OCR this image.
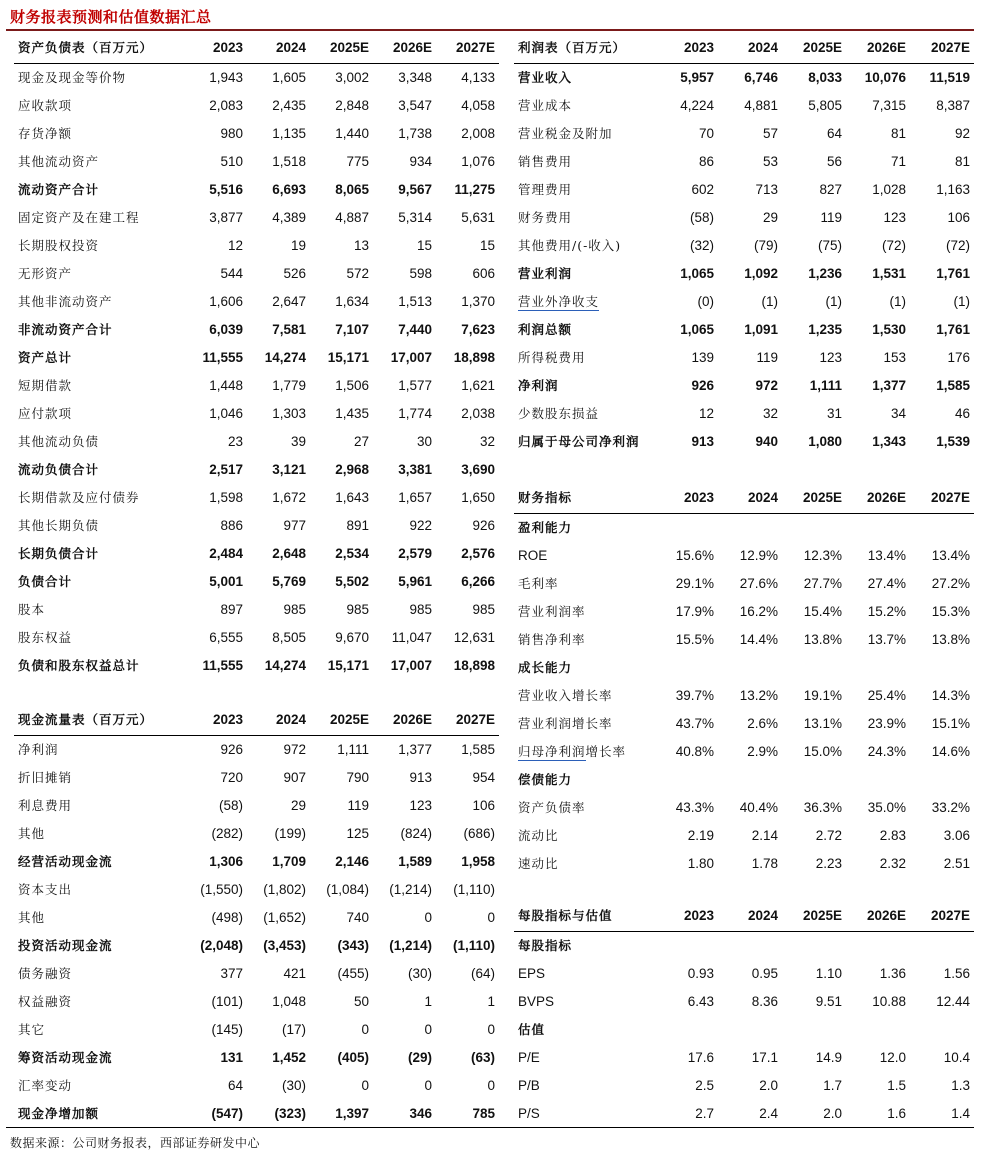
财务报表预测和估值数据汇总
资产负债表（百万元）	2023	2024	2025E	2026E	2027E
现金及现金等价物	1,943	1,605	3,002	3,348	4,133
应收款项	2,083	2,435	2,848	3,547	4,058
存货净额	980	1,135	1,440	1,738	2,008
其他流动资产	510	1,518	775	934	1,076
流动资产合计	5,516	6,693	8,065	9,567	11,275
固定资产及在建工程	3,877	4,389	4,887	5,314	5,631
长期股权投资	12	19	13	15	15
无形资产	544	526	572	598	606
其他非流动资产	1,606	2,647	1,634	1,513	1,370
非流动资产合计	6,039	7,581	7,107	7,440	7,623
资产总计	11,555	14,274	15,171	17,007	18,898
短期借款	1,448	1,779	1,506	1,577	1,621
应付款项	1,046	1,303	1,435	1,774	2,038
其他流动负债	23	39	27	30	32
流动负债合计	2,517	3,121	2,968	3,381	3,690
长期借款及应付债券	1,598	1,672	1,643	1,657	1,650
其他长期负债	886	977	891	922	926
长期负债合计	2,484	2,648	2,534	2,579	2,576
负债合计	5,001	5,769	5,502	5,961	6,266
股本	897	985	985	985	985
股东权益	6,555	8,505	9,670	11,047	12,631
负债和股东权益总计	11,555	14,274	15,171	17,007	18,898
现金流量表（百万元）	2023	2024	2025E	2026E	2027E
净利润	926	972	1,111	1,377	1,585
折旧摊销	720	907	790	913	954
利息费用	(58)	29	119	123	106
其他	(282)	(199)	125	(824)	(686)
经营活动现金流	1,306	1,709	2,146	1,589	1,958
资本支出	(1,550)	(1,802)	(1,084)	(1,214)	(1,110)
其他	(498)	(1,652)	740	0	0
投资活动现金流	(2,048)	(3,453)	(343)	(1,214)	(1,110)
债务融资	377	421	(455)	(30)	(64)
权益融资	(101)	1,048	50	1	1
其它	(145)	(17)	0	0	0
筹资活动现金流	131	1,452	(405)	(29)	(63)
汇率变动	64	(30)	0	0	0
现金净增加额	(547)	(323)	1,397	346	785
利润表（百万元）	2023	2024	2025E	2026E	2027E
营业收入	5,957	6,746	8,033	10,076	11,519
营业成本	4,224	4,881	5,805	7,315	8,387
营业税金及附加	70	57	64	81	92
销售费用	86	53	56	71	81
管理费用	602	713	827	1,028	1,163
财务费用	(58)	29	119	123	106
其他费用/(-收入)	(32)	(79)	(75)	(72)	(72)
营业利润	1,065	1,092	1,236	1,531	1,761
营业外净收支	(0)	(1)	(1)	(1)	(1)
利润总额	1,065	1,091	1,235	1,530	1,761
所得税费用	139	119	123	153	176
净利润	926	972	1,111	1,377	1,585
少数股东损益	12	32	31	34	46
归属于母公司净利润	913	940	1,080	1,343	1,539
财务指标	2023	2024	2025E	2026E	2027E
盈利能力					
ROE	15.6%	12.9%	12.3%	13.4%	13.4%
毛利率	29.1%	27.6%	27.7%	27.4%	27.2%
营业利润率	17.9%	16.2%	15.4%	15.2%	15.3%
销售净利率	15.5%	14.4%	13.8%	13.7%	13.8%
成长能力					
营业收入增长率	39.7%	13.2%	19.1%	25.4%	14.3%
营业利润增长率	43.7%	2.6%	13.1%	23.9%	15.1%
归母净利润增长率	40.8%	2.9%	15.0%	24.3%	14.6%
偿债能力					
资产负债率	43.3%	40.4%	36.3%	35.0%	33.2%
流动比	2.19	2.14	2.72	2.83	3.06
速动比	1.80	1.78	2.23	2.32	2.51
每股指标与估值	2023	2024	2025E	2026E	2027E
每股指标					
EPS	0.93	0.95	1.10	1.36	1.56
BVPS	6.43	8.36	9.51	10.88	12.44
估值					
P/E	17.6	17.1	14.9	12.0	10.4
P/B	2.5	2.0	1.7	1.5	1.3
P/S	2.7	2.4	2.0	1.6	1.4
数据来源：公司财务报表，西部证券研发中心
